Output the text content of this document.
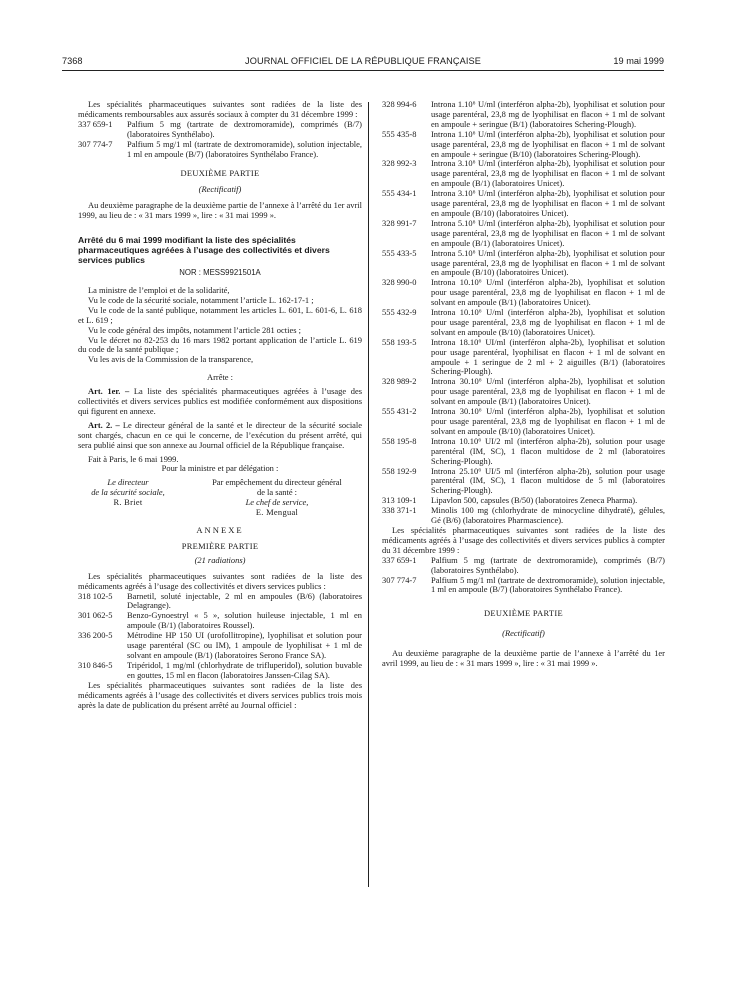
7368	JOURNAL OFFICIEL DE LA RÉPUBLIQUE FRANÇAISE	19 mai 1999

Les spécialités pharmaceutiques suivantes sont radiées de la liste des médicaments remboursables aux assurés sociaux à compter du 31 décembre 1999 :

337 659-1	Palfium 5 mg (tartrate de dextromoramide), comprimés (B/7) (laboratoires Synthélabo).
307 774-7	Palfium 5 mg/1 ml (tartrate de dextromoramide), solution injectable, 1 ml en ampoule (B/7) (laboratoires Synthélabo France).

DEUXIÈME PARTIE

(Rectificatif)

Au deuxième paragraphe de la deuxième partie de l’annexe à l’arrêté du 1er avril 1999, au lieu de : « 31 mars 1999 », lire : « 31 mai 1999 ».

Arrêté du 6 mai 1999 modifiant la liste des spécialités pharmaceutiques agréées à l’usage des collectivités et divers services publics

NOR : MESS9921501A

La ministre de l’emploi et de la solidarité,

Vu le code de la sécurité sociale, notamment l’article L. 162-17-1 ;

Vu le code de la santé publique, notamment les articles L. 601, L. 601-6, L. 618 et L. 619 ;

Vu le code général des impôts, notamment l’article 281 octies ;

Vu le décret no 82-253 du 16 mars 1982 portant application de l’article L. 619 du code de la santé publique ;

Vu les avis de la Commission de la transparence,

Arrête :

Art. 1er. – La liste des spécialités pharmaceutiques agréées à l’usage des collectivités et divers services publics est modifiée conformément aux dispositions qui figurent en annexe.

Art. 2. – Le directeur général de la santé et le directeur de la sécurité sociale sont chargés, chacun en ce qui le concerne, de l’exécution du présent arrêté, qui sera publié ainsi que son annexe au Journal officiel de la République française.

Fait à Paris, le 6 mai 1999.

Pour la ministre et par délégation :

Le directeur
de la sécurité sociale,
R. Briet
Par empêchement du directeur général
de la santé :
Le chef de service,
E. Mengual

ANNEXE

PREMIÈRE PARTIE

(21 radiations)

Les spécialités pharmaceutiques suivantes sont radiées de la liste des médicaments agréés à l’usage des collectivités et divers services publics :

318 102-5	Barnetil, soluté injectable, 2 ml en ampoules (B/6) (laboratoires Delagrange).
301 062-5	Benzo-Gynoestryl « 5 », solution huileuse injectable, 1 ml en ampoule (B/1) (laboratoires Roussel).
336 200-5	Métrodine HP 150 UI (urofollitropine), lyophilisat et solution pour usage parentéral (SC ou IM), 1 ampoule de lyophilisat + 1 ml de solvant en ampoule (B/1) (laboratoires Serono France SA).
310 846-5	Tripéridol, 1 mg/ml (chlorhydrate de trifluperidol), solution buvable en gouttes, 15 ml en flacon (laboratoires Janssen-Cilag SA).

Les spécialités pharmaceutiques suivantes sont radiées de la liste des médicaments agréés à l’usage des collectivités et divers services publics trois mois après la date de publication du présent arrêté au Journal officiel :

328 994-6	Introna 1.10⁶ U/ml (interféron alpha-2b), lyophilisat et solution pour usage parentéral, 23,8 mg de lyophilisat en flacon + 1 ml de solvant en ampoule + seringue (B/1) (laboratoires Schering-Plough).
555 435-8	Introna 1.10⁶ U/ml (interféron alpha-2b), lyophilisat et solution pour usage parentéral, 23,8 mg de lyophilisat en flacon + 1 ml de solvant en ampoule + seringue (B/10) (laboratoires Schering-Plough).
328 992-3	Introna 3.10⁶ U/ml (interféron alpha-2b), lyophilisat et solution pour usage parentéral, 23,8 mg de lyophilisat en flacon + 1 ml de solvant en ampoule (B/1) (laboratoires Unicet).
555 434-1	Introna 3.10⁶ U/ml (interféron alpha-2b), lyophilisat et solution pour usage parentéral, 23,8 mg de lyophilisat en flacon + 1 ml de solvant en ampoule (B/10) (laboratoires Unicet).
328 991-7	Introna 5.10⁶ U/ml (interféron alpha-2b), lyophilisat et solution pour usage parentéral, 23,8 mg de lyophilisat en flacon + 1 ml de solvant en ampoule (B/1) (laboratoires Unicet).
555 433-5	Introna 5.10⁶ U/ml (interféron alpha-2b), lyophilisat et solution pour usage parentéral, 23,8 mg de lyophilisat en flacon + 1 ml de solvant en ampoule (B/10) (laboratoires Unicet).
328 990-0	Introna 10.10⁶ U/ml (interféron alpha-2b), lyophilisat et solution pour usage parentéral, 23,8 mg de lyophilisat en flacon + 1 ml de solvant en ampoule (B/1) (laboratoires Unicet).
555 432-9	Introna 10.10⁶ U/ml (interféron alpha-2b), lyophilisat et solution pour usage parentéral, 23,8 mg de lyophilisat en flacon + 1 ml de solvant en ampoule (B/10) (laboratoires Unicet).
558 193-5	Introna 18.10⁶ UI/ml (interféron alpha-2b), lyophilisat et solution pour usage parentéral, lyophilisat en flacon + 1 ml de solvant en ampoule + 1 seringue de 2 ml + 2 aiguilles (B/1) (laboratoires Schering-Plough).
328 989-2	Introna 30.10⁶ U/ml (interféron alpha-2b), lyophilisat et solution pour usage parentéral, 23,8 mg de lyophilisat en flacon + 1 ml de solvant en ampoule (B/1) (laboratoires Unicet).
555 431-2	Introna 30.10⁶ U/ml (interféron alpha-2b), lyophilisat et solution pour usage parentéral, 23,8 mg de lyophilisat en flacon + 1 ml de solvant en ampoule (B/10) (laboratoires Unicet).
558 195-8	Introna 10.10⁶ UI/2 ml (interféron alpha-2b), solution pour usage parentéral (IM, SC), 1 flacon multidose de 2 ml (laboratoires Schering-Plough).
558 192-9	Introna 25.10⁶ UI/5 ml (interféron alpha-2b), solution pour usage parentéral (IM, SC), 1 flacon multidose de 5 ml (laboratoires Schering-Plough).
313 109-1	Lipavlon 500, capsules (B/50) (laboratoires Zeneca Pharma).
338 371-1	Minolis 100 mg (chlorhydrate de minocycline dihydraté), gélules, Gé (B/6) (laboratoires Pharmascience).

Les spécialités pharmaceutiques suivantes sont radiées de la liste des médicaments agréés à l’usage des collectivités et divers services publics à compter du 31 décembre 1999 :

337 659-1	Palfium 5 mg (tartrate de dextromoramide), comprimés (B/7) (laboratoires Synthélabo).
307 774-7	Palfium 5 mg/1 ml (tartrate de dextromoramide), solution injectable, 1 ml en ampoule (B/7) (laboratoires Synthélabo France).

DEUXIÈME PARTIE

(Rectificatif)

Au deuxième paragraphe de la deuxième partie de l’annexe à l’arrêté du 1er avril 1999, au lieu de : « 31 mars 1999 », lire : « 31 mai 1999 ».
